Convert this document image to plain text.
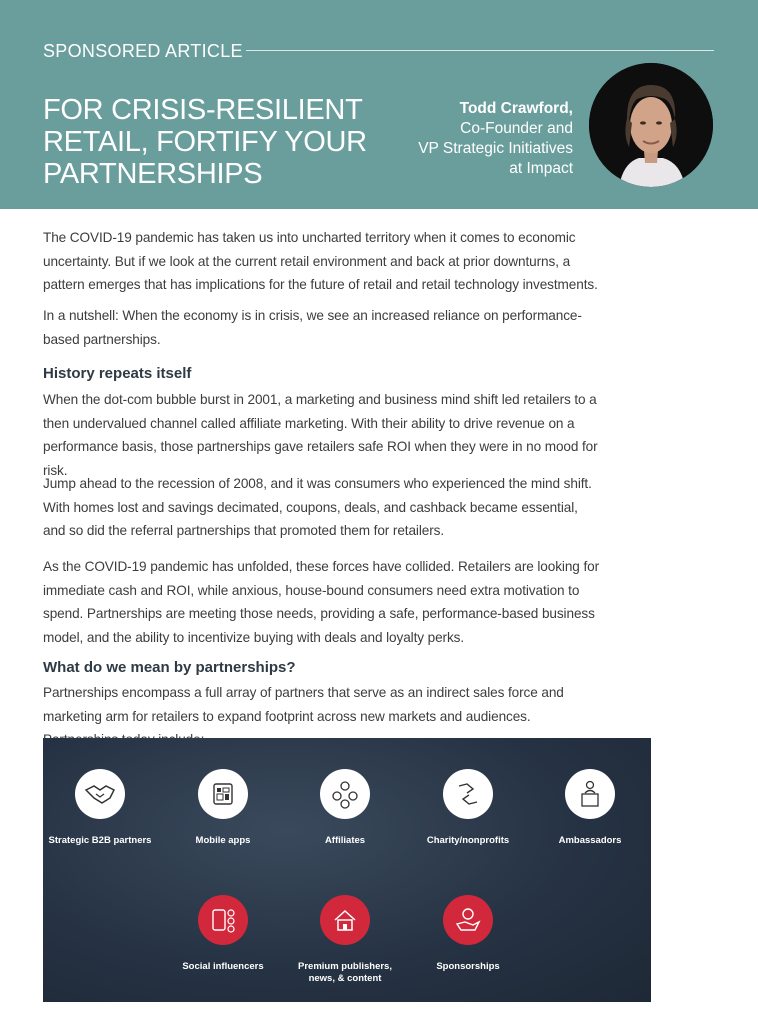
SPONSORED ARTICLE
FOR CRISIS-RESILIENT RETAIL, FORTIFY YOUR PARTNERSHIPS
Todd Crawford,
Co-Founder and
VP Strategic Initiatives
at Impact

The COVID-19 pandemic has taken us into uncharted territory when it comes to economic uncertainty. But if we look at the current retail environment and back at prior downturns, a pattern emerges that has implications for the future of retail and retail technology investments.

In a nutshell: When the economy is in crisis, we see an increased reliance on performance-based partnerships.

History repeats itself

When the dot-com bubble burst in 2001, a marketing and business mind shift led retailers to a then undervalued channel called affiliate marketing. With their ability to drive revenue on a performance basis, those partnerships gave retailers safe ROI when they were in no mood for risk.

Jump ahead to the recession of 2008, and it was consumers who experienced the mind shift. With homes lost and savings decimated, coupons, deals, and cashback became essential, and so did the referral partnerships that promoted them for retailers.

As the COVID-19 pandemic has unfolded, these forces have collided. Retailers are looking for immediate cash and ROI, while anxious, house-bound consumers need extra motivation to spend. Partnerships are meeting those needs, providing a safe, performance-based business model, and the ability to incentivize buying with deals and loyalty perks.

What do we mean by partnerships?

Partnerships encompass a full array of partners that serve as an indirect sales force and marketing arm for retailers to expand footprint across new markets and audiences.

Strategic B2B partners	Mobile apps	Affiliates	Charity/nonprofits	Ambassadors
Social influencers	Premium publishers, news, & content
Sponsorships
